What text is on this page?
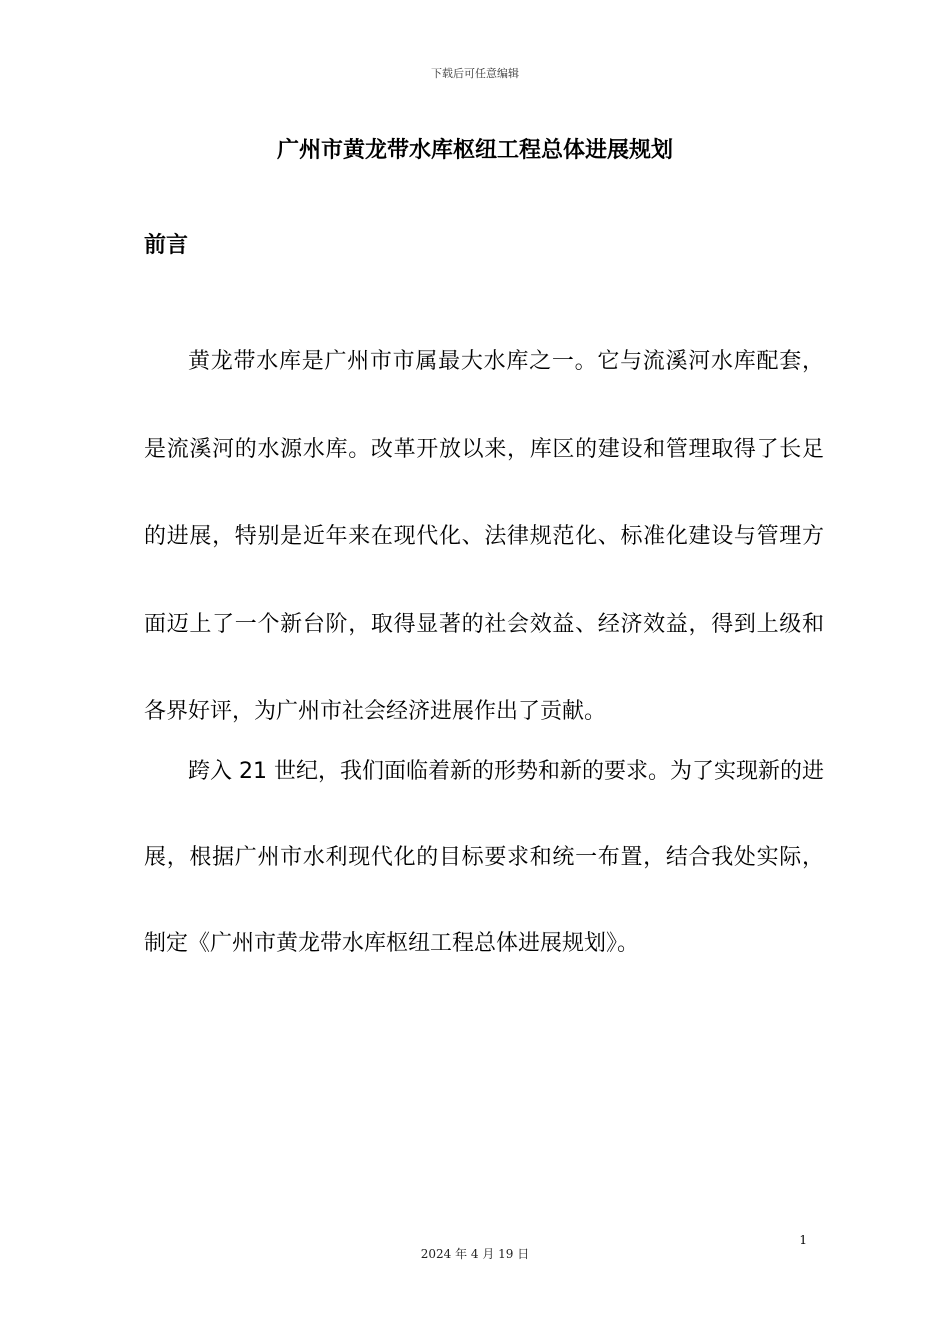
下载后可任意编辑
广州市黄龙带水库枢纽工程总体进展规划
前言

黄龙带水库是广州市市属最大水库之一。它与流溪河水库配套，是流溪河的水源水库。改革开放以来，库区的建设和管理取得了长足的进展，特别是近年来在现代化、法律规范化、标准化建设与管理方面迈上了一个新台阶，取得显著的社会效益、经济效益，得到上级和各界好评，为广州市社会经济进展作出了贡献。

跨入 21 世纪，我们面临着新的形势和新的要求。为了实现新的进展，根据广州市水利现代化的目标要求和统一布置，结合我处实际，制定《广州市黄龙带水库枢纽工程总体进展规划》。

1
2024 年 4 月 19 日
